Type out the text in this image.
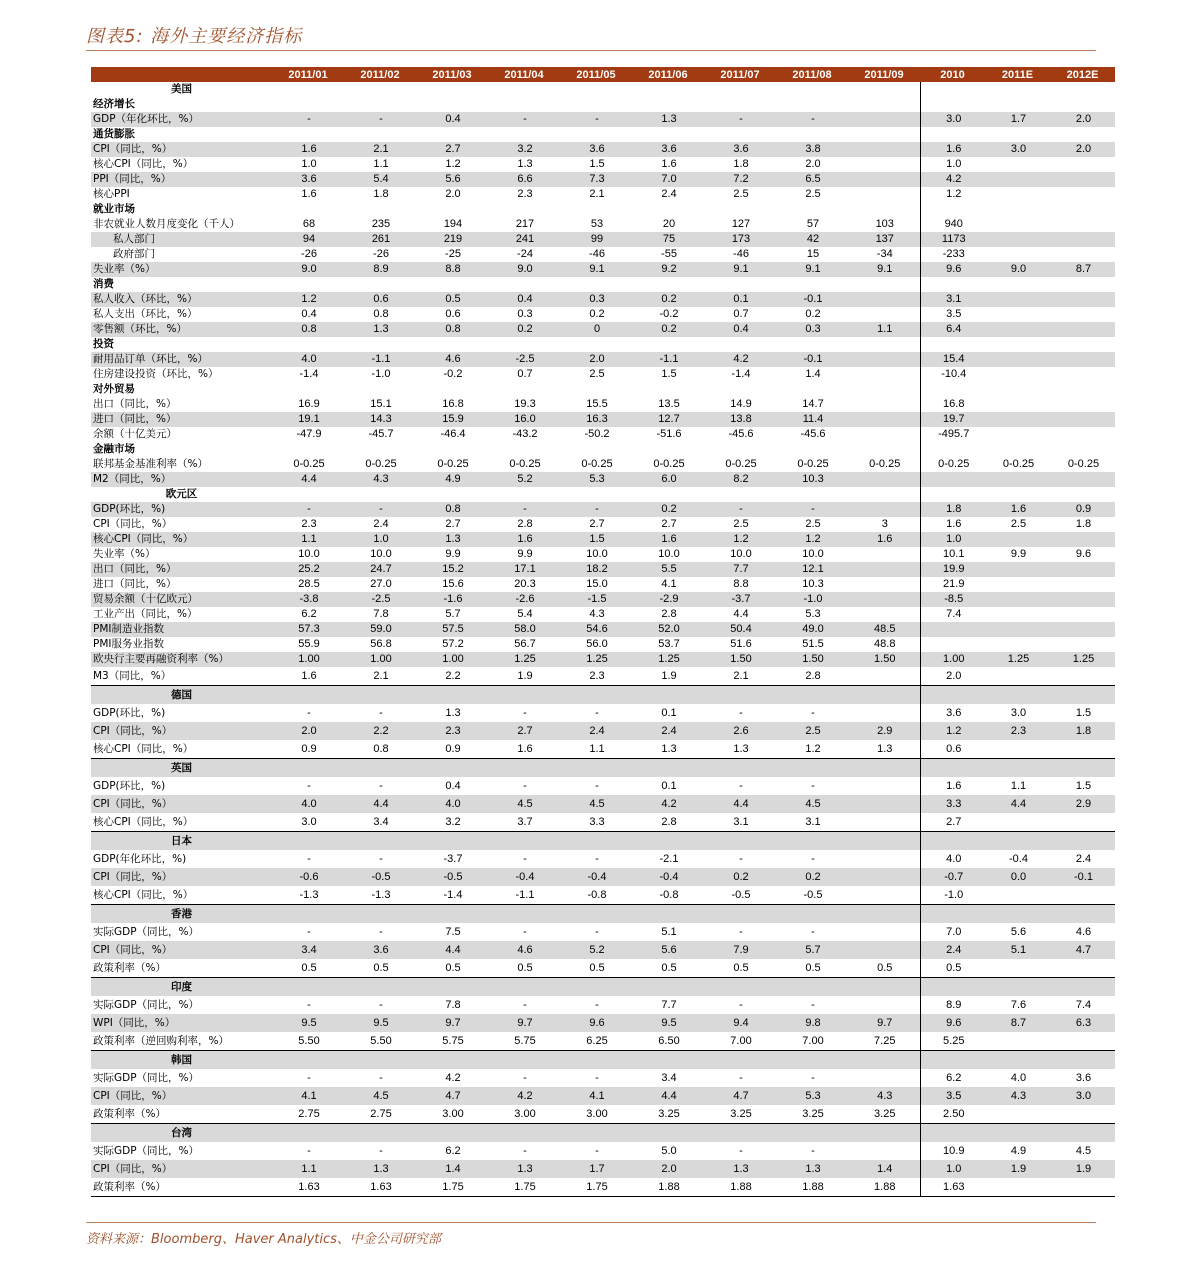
图表5: 海外主要经济指标
	2011/01	2011/02	2011/03	2011/04	2011/05	2011/06	2011/07	2011/08	2011/09	2010	2011E	2012E
美国												
经济增长												
GDP（年化环比，%）	-	-	0.4	-	-	1.3	-	-		3.0	1.7	2.0
通货膨胀												
CPI（同比，%）	1.6	2.1	2.7	3.2	3.6	3.6	3.6	3.8		1.6	3.0	2.0
核心CPI（同比，%）	1.0	1.1	1.2	1.3	1.5	1.6	1.8	2.0		1.0		
PPI（同比，%）	3.6	5.4	5.6	6.6	7.3	7.0	7.2	6.5		4.2		
核心PPI	1.6	1.8	2.0	2.3	2.1	2.4	2.5	2.5		1.2		
就业市场												
非农就业人数月度变化（千人）	68	235	194	217	53	20	127	57	103	940		
私人部门	94	261	219	241	99	75	173	42	137	1173		
政府部门	-26	-26	-25	-24	-46	-55	-46	15	-34	-233		
失业率（%）	9.0	8.9	8.8	9.0	9.1	9.2	9.1	9.1	9.1	9.6	9.0	8.7
消费												
私人收入（环比，%）	1.2	0.6	0.5	0.4	0.3	0.2	0.1	-0.1		3.1		
私人支出（环比，%）	0.4	0.8	0.6	0.3	0.2	-0.2	0.7	0.2		3.5		
零售额（环比，%）	0.8	1.3	0.8	0.2	0	0.2	0.4	0.3	1.1	6.4		
投资												
耐用品订单（环比，%）	4.0	-1.1	4.6	-2.5	2.0	-1.1	4.2	-0.1		15.4		
住房建设投资（环比，%）	-1.4	-1.0	-0.2	0.7	2.5	1.5	-1.4	1.4		-10.4		
对外贸易												
出口（同比，%）	16.9	15.1	16.8	19.3	15.5	13.5	14.9	14.7		16.8		
进口（同比，%）	19.1	14.3	15.9	16.0	16.3	12.7	13.8	11.4		19.7		
余额（十亿美元）	-47.9	-45.7	-46.4	-43.2	-50.2	-51.6	-45.6	-45.6		-495.7		
金融市场												
联邦基金基准利率（%）	0-0.25	0-0.25	0-0.25	0-0.25	0-0.25	0-0.25	0-0.25	0-0.25	0-0.25	0-0.25	0-0.25	0-0.25
M2（同比，%）	4.4	4.3	4.9	5.2	5.3	6.0	8.2	10.3				
欧元区												
GDP(环比，%)	-	-	0.8	-	-	0.2	-	-		1.8	1.6	0.9
CPI（同比，%）	2.3	2.4	2.7	2.8	2.7	2.7	2.5	2.5	3	1.6	2.5	1.8
核心CPI（同比，%）	1.1	1.0	1.3	1.6	1.5	1.6	1.2	1.2	1.6	1.0		
失业率（%）	10.0	10.0	9.9	9.9	10.0	10.0	10.0	10.0		10.1	9.9	9.6
出口（同比，%）	25.2	24.7	15.2	17.1	18.2	5.5	7.7	12.1		19.9		
进口（同比，%）	28.5	27.0	15.6	20.3	15.0	4.1	8.8	10.3		21.9		
贸易余额（十亿欧元）	-3.8	-2.5	-1.6	-2.6	-1.5	-2.9	-3.7	-1.0		-8.5		
工业产出（同比，%）	6.2	7.8	5.7	5.4	4.3	2.8	4.4	5.3		7.4		
PMI制造业指数	57.3	59.0	57.5	58.0	54.6	52.0	50.4	49.0	48.5			
PMI服务业指数	55.9	56.8	57.2	56.7	56.0	53.7	51.6	51.5	48.8			
欧央行主要再融资利率（%）	1.00	1.00	1.00	1.25	1.25	1.25	1.50	1.50	1.50	1.00	1.25	1.25
M3（同比，%）	1.6	2.1	2.2	1.9	2.3	1.9	2.1	2.8		2.0		
德国												
GDP(环比，%)	-	-	1.3	-	-	0.1	-	-		3.6	3.0	1.5
CPI（同比，%）	2.0	2.2	2.3	2.7	2.4	2.4	2.6	2.5	2.9	1.2	2.3	1.8
核心CPI（同比，%）	0.9	0.8	0.9	1.6	1.1	1.3	1.3	1.2	1.3	0.6		
英国												
GDP(环比，%)	-	-	0.4	-	-	0.1	-	-		1.6	1.1	1.5
CPI（同比，%）	4.0	4.4	4.0	4.5	4.5	4.2	4.4	4.5		3.3	4.4	2.9
核心CPI（同比，%）	3.0	3.4	3.2	3.7	3.3	2.8	3.1	3.1		2.7		
日本												
GDP(年化环比，%)	-	-	-3.7	-	-	-2.1	-	-		4.0	-0.4	2.4
CPI（同比，%）	-0.6	-0.5	-0.5	-0.4	-0.4	-0.4	0.2	0.2		-0.7	0.0	-0.1
核心CPI（同比，%）	-1.3	-1.3	-1.4	-1.1	-0.8	-0.8	-0.5	-0.5		-1.0		
香港												
实际GDP（同比，%）	-	-	7.5	-	-	5.1	-	-		7.0	5.6	4.6
CPI（同比，%）	3.4	3.6	4.4	4.6	5.2	5.6	7.9	5.7		2.4	5.1	4.7
政策利率（%）	0.5	0.5	0.5	0.5	0.5	0.5	0.5	0.5	0.5	0.5		
印度												
实际GDP（同比，%）	-	-	7.8	-	-	7.7	-	-		8.9	7.6	7.4
WPI（同比，%）	9.5	9.5	9.7	9.7	9.6	9.5	9.4	9.8	9.7	9.6	8.7	6.3
政策利率（逆回购利率，%）	5.50	5.50	5.75	5.75	6.25	6.50	7.00	7.00	7.25	5.25		
韩国												
实际GDP（同比，%）	-	-	4.2	-	-	3.4	-	-		6.2	4.0	3.6
CPI（同比，%）	4.1	4.5	4.7	4.2	4.1	4.4	4.7	5.3	4.3	3.5	4.3	3.0
政策利率（%）	2.75	2.75	3.00	3.00	3.00	3.25	3.25	3.25	3.25	2.50		
台湾												
实际GDP（同比，%）	-	-	6.2	-	-	5.0	-	-		10.9	4.9	4.5
CPI（同比，%）	1.1	1.3	1.4	1.3	1.7	2.0	1.3	1.3	1.4	1.0	1.9	1.9
政策利率（%）	1.63	1.63	1.75	1.75	1.75	1.88	1.88	1.88	1.88	1.63		
资料来源：Bloomberg、Haver Analytics、中金公司研究部
